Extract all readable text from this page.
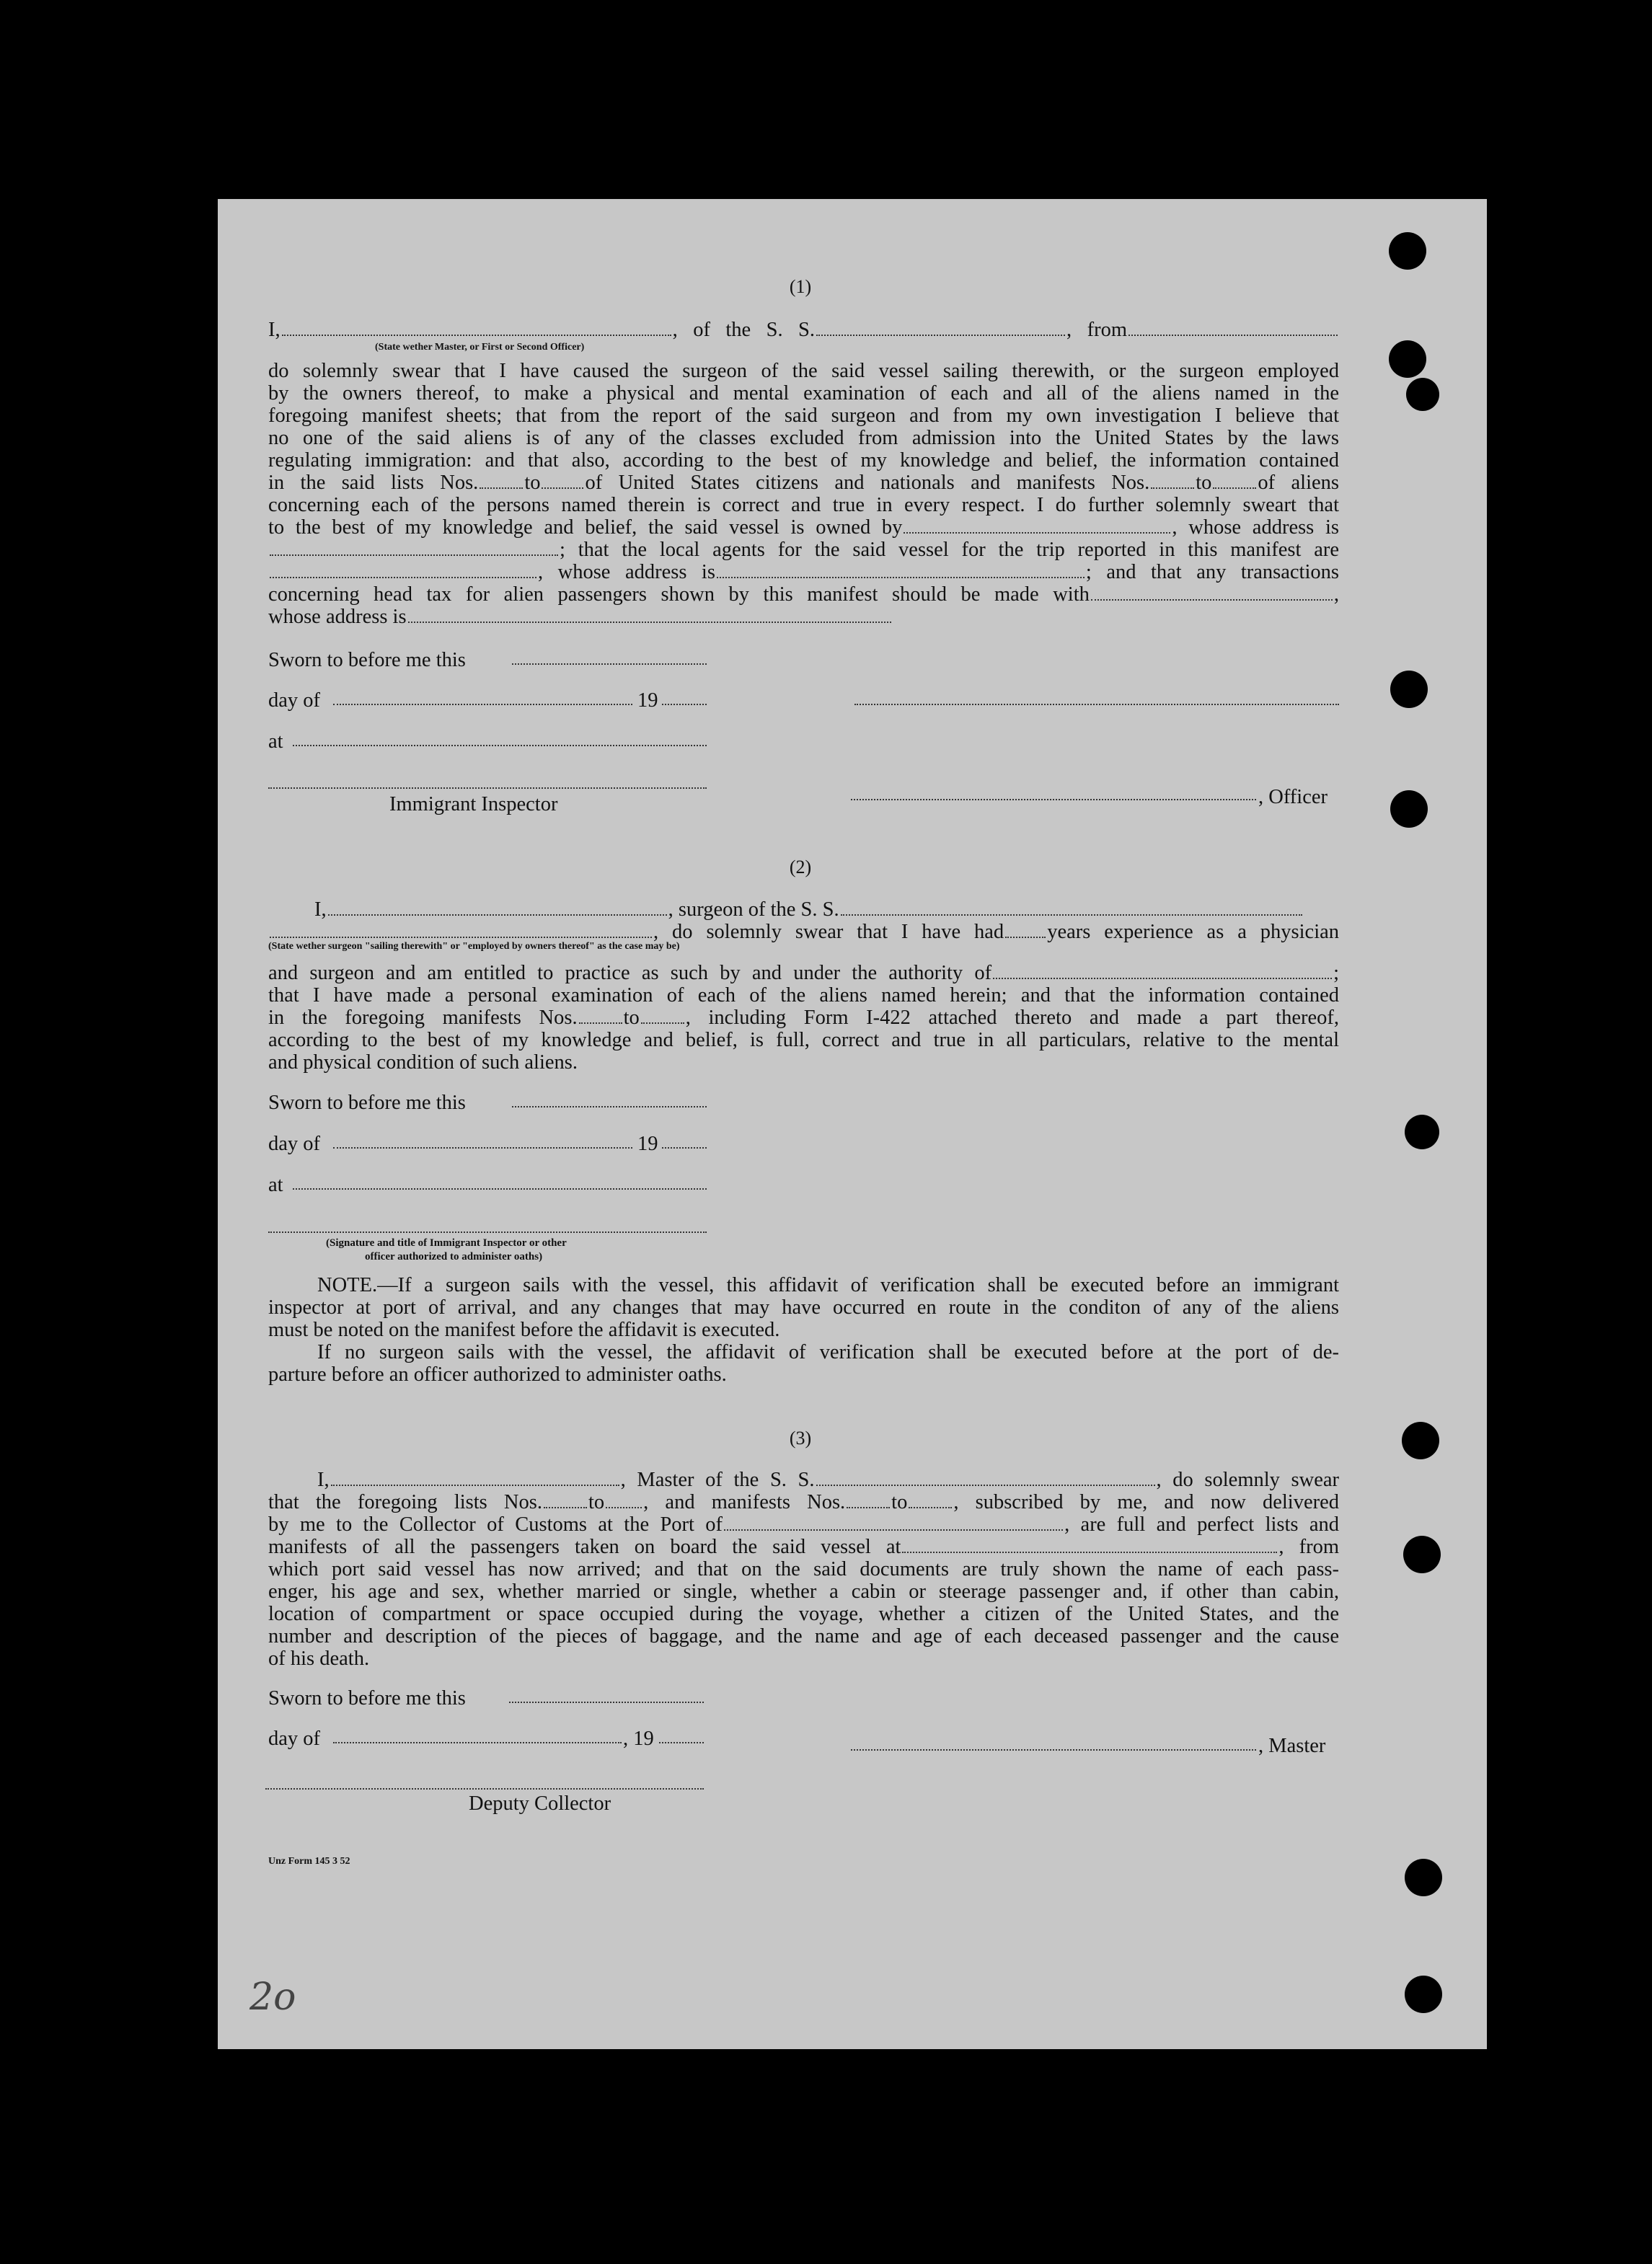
(1)
I,	, of the S. S.	, from
(State wether Master, or First or Second Officer)
do solemnly swear that I have caused the surgeon of the said vessel sailing therewith, or the surgeon employed
by the owners thereof, to make a physical and mental examination of each and all of the aliens named in the
foregoing manifest sheets; that from the report of the said surgeon and from my own investigation I believe that
no one of the said aliens is of any of the classes excluded from admission into the United States by the laws
regulating immigration: and that also, according to the best of my knowledge and belief, the information contained
in the said lists Nos. to of United States citizens and nationals and manifests Nos. to of aliens
concerning each of the persons named therein is correct and true in every respect. I do further solemnly sweart that
to the best of my knowledge and belief, the said vessel is owned by	, whose address is
; that the local agents for the said vessel for the trip reported in this manifest are
, whose address is	; and that any transactions
concerning head tax for alien passengers shown by this manifest should be made with	,
whose address is
Sworn to before me this
day of	19
at
Immigrant Inspector	, Officer
(2)
I,	, surgeon of the S. S.
, do solemnly swear that I have had years experience as a physician
(State wether surgeon "sailing therewith" or "employed by owners thereof" as the case may be)
and surgeon and am entitled to practice as such by and under the authority of	;
that I have made a personal examination of each of the aliens named herein; and that the information contained
in the foregoing manifests Nos. to , including Form I-422 attached thereto and made a part thereof,
according to the best of my knowledge and belief, is full, correct and true in all particulars, relative to the mental
and physical condition of such aliens.
Sworn to before me this
day of	19
at
(Signature and title of Immigrant Inspector or other
officer authorized to administer oaths)
NOTE.—If a surgeon sails with the vessel, this affidavit of verification shall be executed before an immigrant
inspector at port of arrival, and any changes that may have occurred en route in the conditon of any of the aliens
must be noted on the manifest before the affidavit is executed.
If no surgeon sails with the vessel, the affidavit of verification shall be executed before at the port of de-
parture before an officer authorized to administer oaths.
(3)
I,	, Master of the S. S.	, do solemnly swear
that the foregoing lists Nos. to , and manifests Nos. to , subscribed by me, and now delivered
by me to the Collector of Customs at the Port of	, are full and perfect lists and
manifests of all the passengers taken on board the said vessel at	, from
which port said vessel has now arrived; and that on the said documents are truly shown the name of each pass-
enger, his age and sex, whether married or single, whether a cabin or steerage passenger and, if other than cabin,
location of compartment or space occupied during the voyage, whether a citizen of the United States, and the
number and description of the pieces of baggage, and the name and age of each deceased passenger and the cause
of his death.
Sworn to before me this
day of	, 19	, Master
Deputy Collector
Unz Form 145 3 52
2o
